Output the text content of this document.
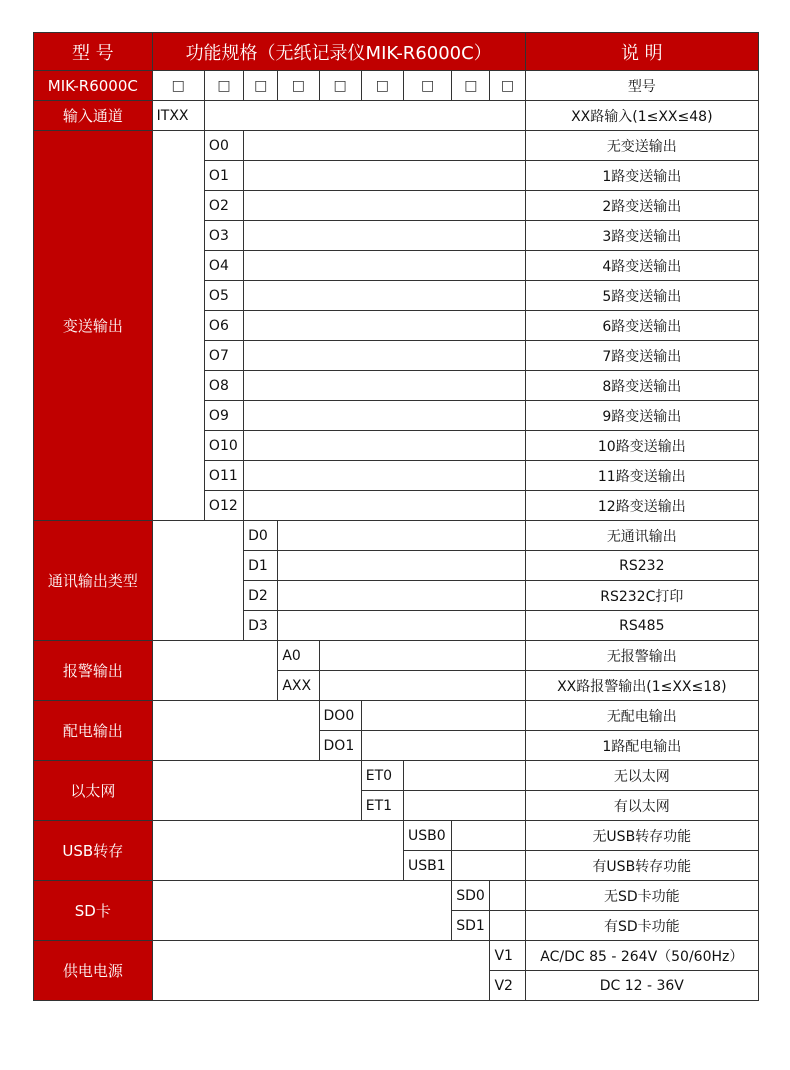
型 号	功能规格（无纸记录仪MIK-R6000C）									说 明
MIK-R6000C	□	□	□	□	□	□	□	□	□	型号
输入通道	ITXX									XX路输入(1≤XX≤48)
变送输出		O0								无变送输出
		O1								1路变送输出
		O2								2路变送输出
		O3								3路变送输出
		O4								4路变送输出
		O5								5路变送输出
		O6								6路变送输出
		O7								7路变送输出
		O8								8路变送输出
		O9								9路变送输出
		O10								10路变送输出
		O11								11路变送输出
		O12								12路变送输出
通讯输出类型			D0							无通讯输出
			D1							RS232
			D2							RS232C打印
			D3							RS485
报警输出				A0						无报警输出
				AXX						XX路报警输出(1≤XX≤18)
配电输出					DO0					无配电输出
					DO1					1路配电输出
以太网						ET0				无以太网
						ET1				有以太网
USB转存							USB0			无USB转存功能
							USB1			有USB转存功能
SD卡								SD0		无SD卡功能
								SD1		有SD卡功能
供电电源									V1	AC/DC 85 - 264V（50/60Hz）
									V2	DC 12 - 36V
